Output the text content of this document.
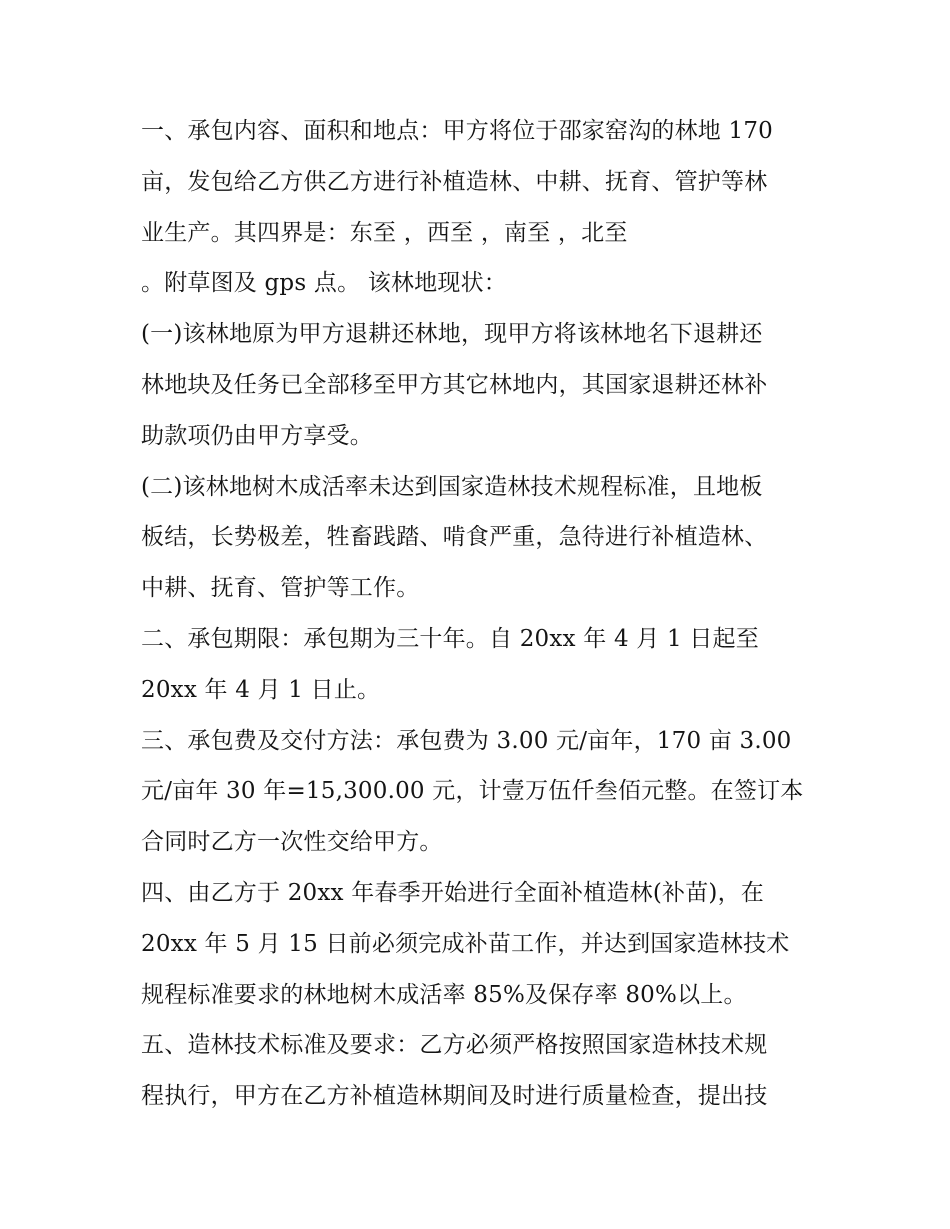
一、承包内容、面积和地点：甲方将位于邵家窑沟的林地 170
亩，发包给乙方供乙方进行补植造林、中耕、抚育、管护等林
业生产。其四界是：东至 ，西至 ，南至 ，北至
。附草图及 gps 点。 该林地现状：
(一)该林地原为甲方退耕还林地，现甲方将该林地名下退耕还
林地块及任务已全部移至甲方其它林地内，其国家退耕还林补
助款项仍由甲方享受。
(二)该林地树木成活率未达到国家造林技术规程标准，且地板
板结，长势极差，牲畜践踏、啃食严重，急待进行补植造林、
中耕、抚育、管护等工作。
二、承包期限：承包期为三十年。自 20xx 年 4 月 1 日起至
20xx 年 4 月 1 日止。
三、承包费及交付方法：承包费为 3.00 元/亩年，170 亩 3.00
元/亩年 30 年=15,300.00 元，计壹万伍仟叁佰元整。在签订本
合同时乙方一次性交给甲方。
四、由乙方于 20xx 年春季开始进行全面补植造林(补苗)，在
20xx 年 5 月 15 日前必须完成补苗工作，并达到国家造林技术
规程标准要求的林地树木成活率 85%及保存率 80%以上。
五、造林技术标准及要求：乙方必须严格按照国家造林技术规
程执行，甲方在乙方补植造林期间及时进行质量检查，提出技
